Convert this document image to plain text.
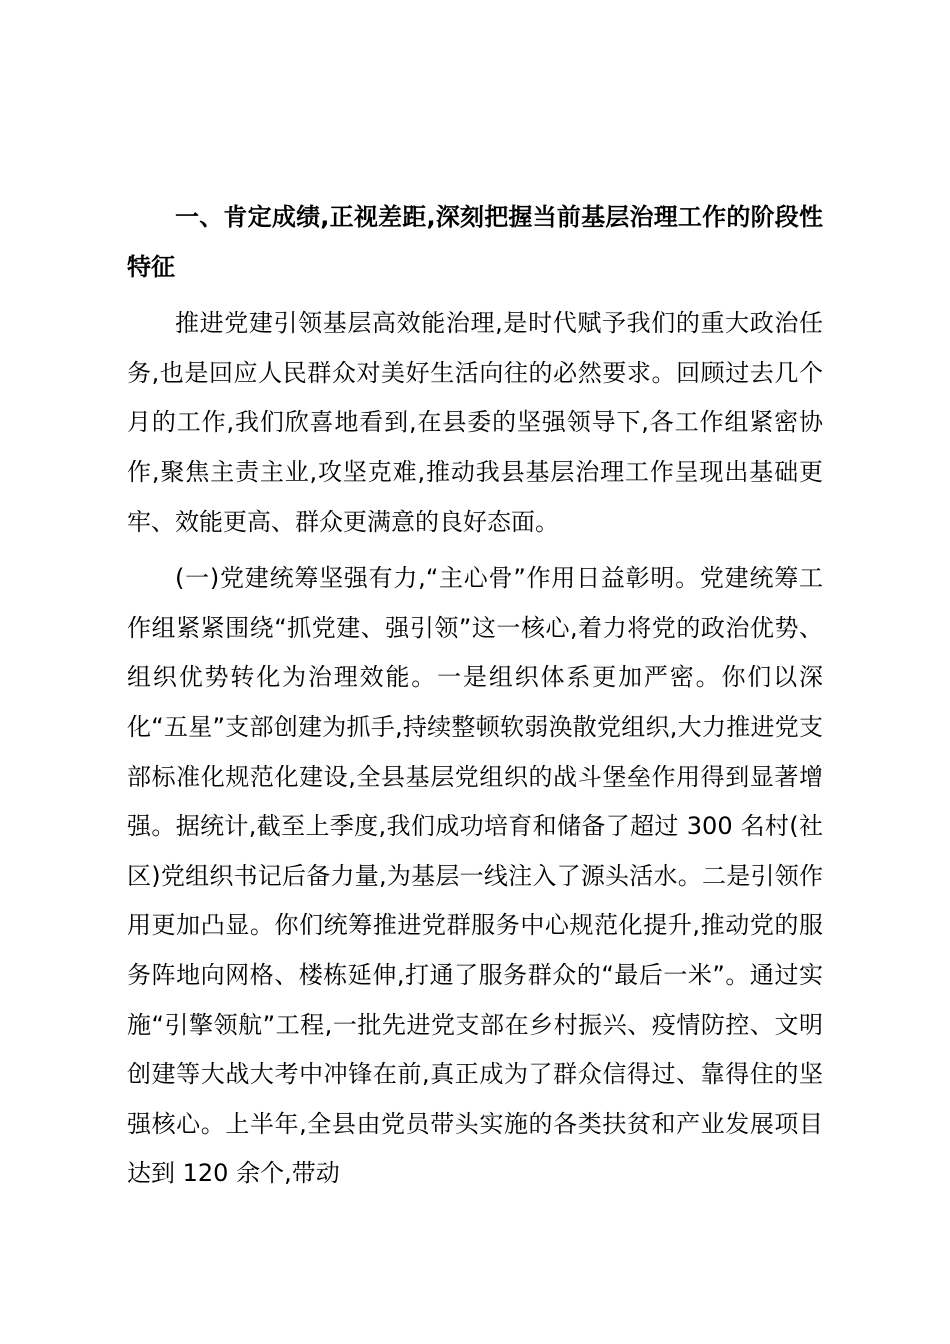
一、肯定成绩,正视差距,深刻把握当前基层治理工作的阶段性特征

推进党建引领基层高效能治理,是时代赋予我们的重大政治任务,也是回应人民群众对美好生活向往的必然要求。回顾过去几个月的工作,我们欣喜地看到,在县委的坚强领导下,各工作组紧密协作,聚焦主责主业,攻坚克难,推动我县基层治理工作呈现出基础更牢、效能更高、群众更满意的良好态面。

(一)党建统筹坚强有力,“主心骨”作用日益彰明。党建统筹工作组紧紧围绕“抓党建、强引领”这一核心,着力将党的政治优势、组织优势转化为治理效能。一是组织体系更加严密。你们以深化“五星”支部创建为抓手,持续整顿软弱涣散党组织,大力推进党支部标准化规范化建设,全县基层党组织的战斗堡垒作用得到显著增强。据统计,截至上季度,我们成功培育和储备了超过 300 名村(社区)党组织书记后备力量,为基层一线注入了源头活水。二是引领作用更加凸显。你们统筹推进党群服务中心规范化提升,推动党的服务阵地向网格、楼栋延伸,打通了服务群众的“最后一米”。通过实施“引擎领航”工程,一批先进党支部在乡村振兴、疫情防控、文明创建等大战大考中冲锋在前,真正成为了群众信得过、靠得住的坚强核心。上半年,全县由党员带头实施的各类扶贫和产业发展项目达到 120 余个,带动
